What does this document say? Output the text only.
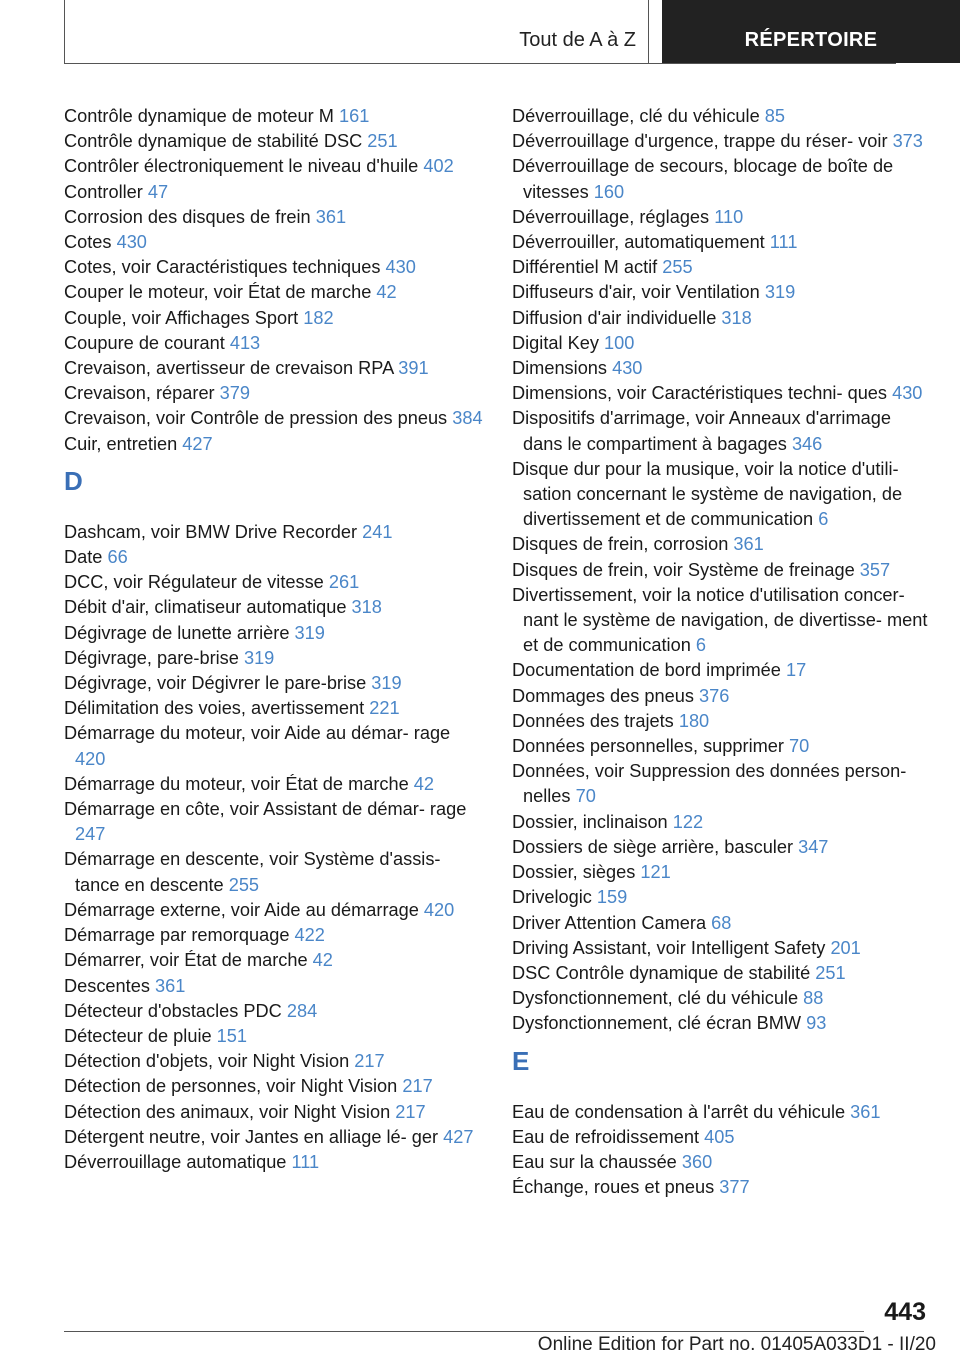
Tout de A à Z	RÉPERTOIRE
Contrôle dynamique de moteur M 161
Contrôle dynamique de stabilité DSC 251
Contrôler électroniquement le niveau d'huile 402
Controller 47
Corrosion des disques de frein 361
Cotes 430
Cotes, voir Caractéristiques techniques 430
Couper le moteur, voir État de marche 42
Couple, voir Affichages Sport 182
Coupure de courant 413
Crevaison, avertisseur de crevaison RPA 391
Crevaison, réparer 379
Crevaison, voir Contrôle de pression des pneus 384
Cuir, entretien 427
D
Dashcam, voir BMW Drive Recorder 241
Date 66
DCC, voir Régulateur de vitesse 261
Débit d'air, climatiseur automatique 318
Dégivrage de lunette arrière 319
Dégivrage, pare-brise 319
Dégivrage, voir Dégivrer le pare-brise 319
Délimitation des voies, avertissement 221
Démarrage du moteur, voir Aide au démar‐ rage 420
Démarrage du moteur, voir État de marche 42
Démarrage en côte, voir Assistant de démar‐ rage 247
Démarrage en descente, voir Système d'assis‐ tance en descente 255
Démarrage externe, voir Aide au démarrage 420
Démarrage par remorquage 422
Démarrer, voir État de marche 42
Descentes 361
Détecteur d'obstacles PDC 284
Détecteur de pluie 151
Détection d'objets, voir Night Vision 217
Détection de personnes, voir Night Vision 217
Détection des animaux, voir Night Vision 217
Détergent neutre, voir Jantes en alliage lé‐ ger 427
Déverrouillage automatique 111
Déverrouillage, clé du véhicule 85
Déverrouillage d'urgence, trappe du réser‐ voir 373
Déverrouillage de secours, blocage de boîte de vitesses 160
Déverrouillage, réglages 110
Déverrouiller, automatiquement 111
Différentiel M actif 255
Diffuseurs d'air, voir Ventilation 319
Diffusion d'air individuelle 318
Digital Key 100
Dimensions 430
Dimensions, voir Caractéristiques techni‐ ques 430
Dispositifs d'arrimage, voir Anneaux d'arrimage dans le compartiment à bagages 346
Disque dur pour la musique, voir la notice d'utili‐ sation concernant le système de navigation, de divertissement et de communication 6
Disques de frein, corrosion 361
Disques de frein, voir Système de freinage 357
Divertissement, voir la notice d'utilisation concer‐ nant le système de navigation, de divertisse‐ ment et de communication 6
Documentation de bord imprimée 17
Dommages des pneus 376
Données des trajets 180
Données personnelles, supprimer 70
Données, voir Suppression des données person‐ nelles 70
Dossier, inclinaison 122
Dossiers de siège arrière, basculer 347
Dossier, sièges 121
Drivelogic 159
Driver Attention Camera 68
Driving Assistant, voir Intelligent Safety 201
DSC Contrôle dynamique de stabilité 251
Dysfonctionnement, clé du véhicule 88
Dysfonctionnement, clé écran BMW 93
E
Eau de condensation à l'arrêt du véhicule 361
Eau de refroidissement 405
Eau sur la chaussée 360
Échange, roues et pneus 377
443
Online Edition for Part no. 01405A033D1 - II/20
